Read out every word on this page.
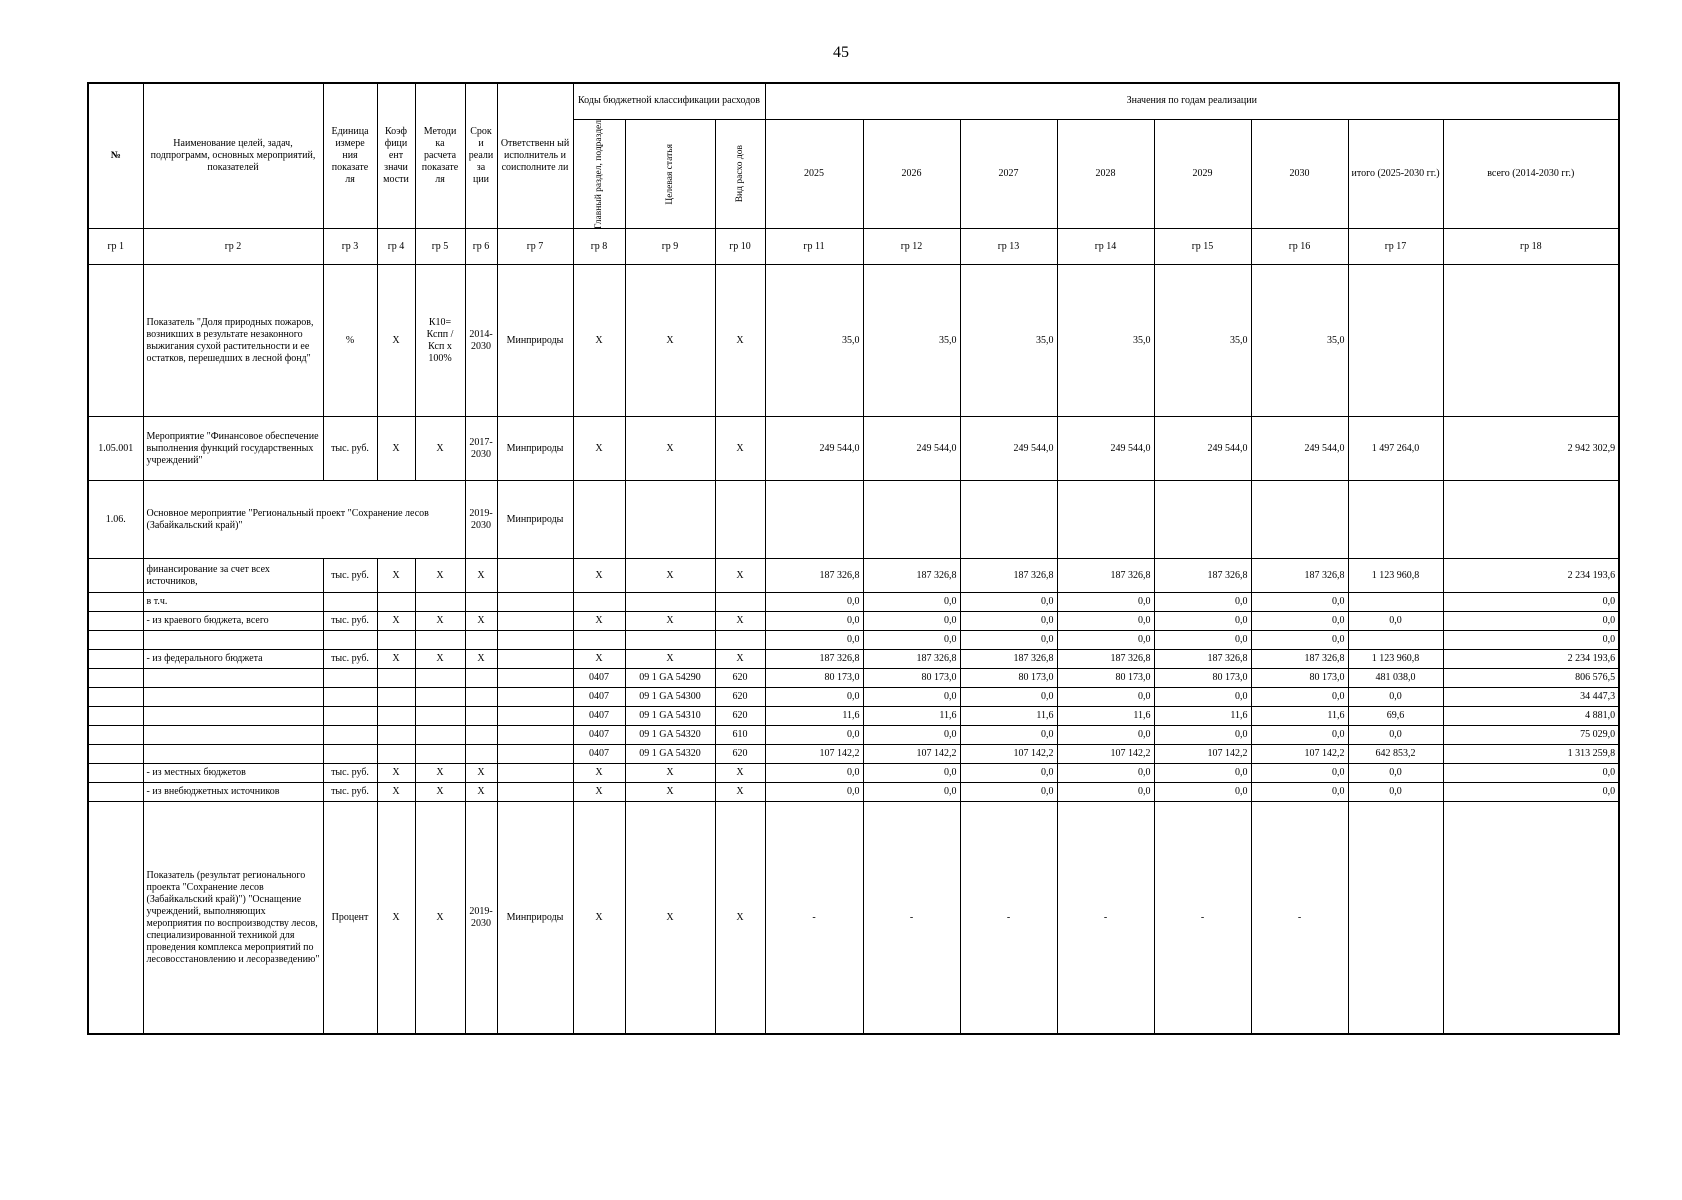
45
№	Наименование целей, задач, подпрограмм, основных мероприятий, показателей	Единица измере ния показате ля	Коэф фици ент значи мости	Методи ка расчета показате ля	Срок и реали за ции	Ответственн ый исполнитель и соисполните ли	Коды бюджетной классификации расходов			Значения по годам реализации							

							Главный раздел, подраздел	Целевая статья	Вид расхо дов	2025	2026	2027	2028	2029	2030	итого (2025-2030 гг.)	всего (2014-2030 гг.)
гр 1	гр 2	гр 3	гр 4	гр 5	гр 6	гр 7	гр 8	гр 9	гр 10	гр 11	гр 12	гр 13	гр 14	гр 15	гр 16	гр 17	гр 18
	Показатель "Доля природных пожаров, возникших в результате незаконного выжигания сухой растительности и ее остатков, перешедших в лесной фонд"	%	X	К10= Кспп / Ксп х 100%	2014-2030	Минприроды	X	X	X	35,0	35,0	35,0	35,0	35,0	35,0		
1.05.001	Мероприятие "Финансовое обеспечение выполнения функций государственных учреждений"	тыс. руб.	X	X	2017-2030	Минприроды	X	X	X	249 544,0	249 544,0	249 544,0	249 544,0	249 544,0	249 544,0	1 497 264,0	2 942 302,9
1.06.	Основное мероприятие "Региональный проект "Сохранение лесов (Забайкальский край)"				2019-2030	Минприроды											
	финансирование за счет всех источников,	тыс. руб.	X	X	X		X	X	X	187 326,8	187 326,8	187 326,8	187 326,8	187 326,8	187 326,8	1 123 960,8	2 234 193,6
	в т.ч.									0,0	0,0	0,0	0,0	0,0	0,0		0,0
	- из краевого бюджета, всего	тыс. руб.	X	X	X		X	X	X	0,0	0,0	0,0	0,0	0,0	0,0	0,0	0,0
										0,0	0,0	0,0	0,0	0,0	0,0		0,0
	- из федерального бюджета	тыс. руб.	X	X	X		X	X	X	187 326,8	187 326,8	187 326,8	187 326,8	187 326,8	187 326,8	1 123 960,8	2 234 193,6
							0407	09 1 GA 54290	620	80 173,0	80 173,0	80 173,0	80 173,0	80 173,0	80 173,0	481 038,0	806 576,5
							0407	09 1 GA 54300	620	0,0	0,0	0,0	0,0	0,0	0,0	0,0	34 447,3
							0407	09 1 GA 54310	620	11,6	11,6	11,6	11,6	11,6	11,6	69,6	4 881,0
							0407	09 1 GA 54320	610	0,0	0,0	0,0	0,0	0,0	0,0	0,0	75 029,0
							0407	09 1 GA 54320	620	107 142,2	107 142,2	107 142,2	107 142,2	107 142,2	107 142,2	642 853,2	1 313 259,8
	- из местных бюджетов	тыс. руб.	X	X	X		X	X	X	0,0	0,0	0,0	0,0	0,0	0,0	0,0	0,0
	- из внебюджетных источников	тыс. руб.	X	X	X		X	X	X	0,0	0,0	0,0	0,0	0,0	0,0	0,0	0,0
	Показатель (результат регионального проекта "Сохранение лесов (Забайкальский край)") "Оснащение учреждений, выполняющих мероприятия по воспроизводству лесов, специализированной техникой для проведения комплекса мероприятий по лесовосстановлению и лесоразведению"	Процент	X	X	2019-2030	Минприроды	X	X	X	-	-	-	-	-	-		
